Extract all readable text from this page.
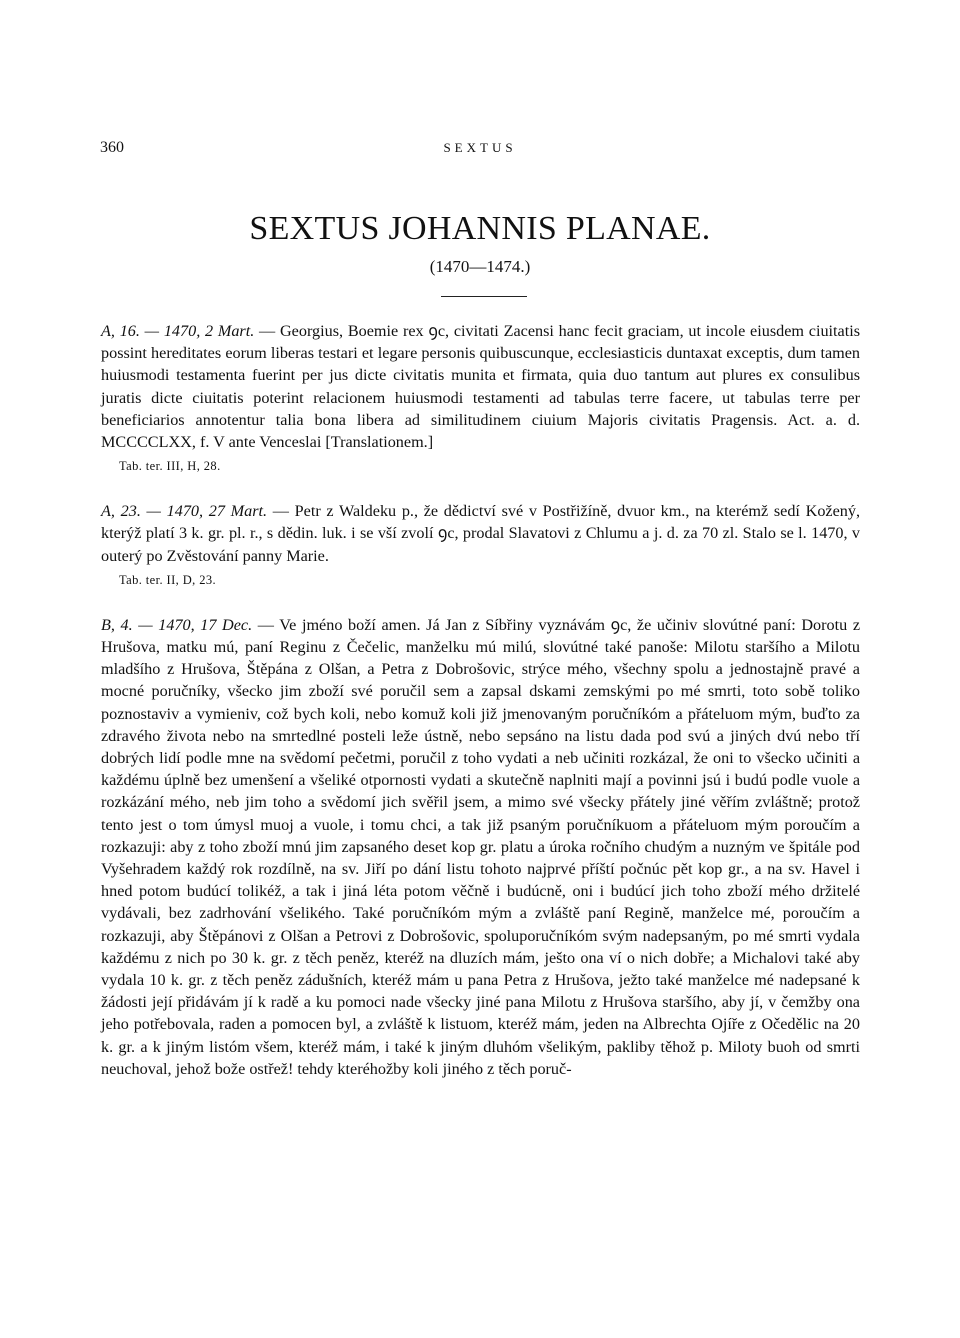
360	SEXTUS
SEXTUS JOHANNIS PLANAE.
(1470—1474.)

A, 16. — 1470, 2 Mart. — Georgius, Boemie rex ꝯc, civitati Zacensi hanc fecit graciam, ut incole eiusdem ciuitatis possint hereditates eorum liberas testari et legare personis quibuscunque, ecclesiasticis duntaxat exceptis, dum tamen huiusmodi testamenta fuerint per jus dicte civitatis munita et firmata, quia duo tantum aut plures ex consulibus juratis dicte ciuitatis poterint relacionem huiusmodi testamenti ad tabulas terre facere, ut tabulas terre per beneficiarios annotentur talia bona libera ad similitudinem ciuium Majoris civitatis Pragensis. Act. a. d. MCCCCLXX, f. V ante Venceslai [Translationem.]

Tab. ter. III, H, 28.

A, 23. — 1470, 27 Mart. — Petr z Waldeku p., že dědictví své v Postřižíně, dvuor km., na kterémž sedí Kožený, kterýž platí 3 k. gr. pl. r., s dědin. luk. i se vší zvolí ꝯc, prodal Slavatovi z Chlumu a j. d. za 70 zl. Stalo se l. 1470, v outerý po Zvěstování panny Marie.

Tab. ter. II, D, 23.

B, 4. — 1470, 17 Dec. — Ve jméno boží amen. Já Jan z Síbřiny vyznávám ꝯc, že učiniv slovútné paní: Dorotu z Hrušova, matku mú, paní Reginu z Čečelic, manželku mú milú, slovútné také panoše: Milotu staršího a Milotu mladšího z Hrušova, Štěpána z Olšan, a Petra z Dobrošovic, strýce mého, všechny spolu a jednostajně pravé a mocné poručníky, všecko jim zboží své poručil sem a zapsal dskami zemskými po mé smrti, toto sobě toliko poznostaviv a vymieniv, což bych koli, nebo komuž koli již jmenovaným poručníkóm a přáteluom mým, buďto za zdravého života nebo na smrtedlné posteli leže ústně, nebo sepsáno na listu dada pod svú a jiných dvú nebo tří dobrých lidí podle mne na svědomí pečetmi, poručil z toho vydati a neb učiniti rozkázal, že oni to všecko učiniti a každému úplně bez umenšení a všeliké otpornosti vydati a skutečně naplniti mají a povinni jsú i budú podle vuole a rozkázání mého, neb jim toho a svědomí jich svěřil jsem, a mimo své všecky přátely jiné věřím zvláštně; protož tento jest o tom úmysl muoj a vuole, i tomu chci, a tak již psaným poručníkuom a přáteluom mým poroučím a rozkazuji: aby z toho zboží mnú jim zapsaného deset kop gr. platu a úroka ročního chudým a nuzným ve špitále pod Vyšehradem každý rok rozdílně, na sv. Jiří po dání listu tohoto najprvé příští počnúc pět kop gr., a na sv. Havel i hned potom budúcí tolikéž, a tak i jiná léta potom věčně i budúcně, oni i budúcí jich toho zboží mého držitelé vydávali, bez zadrhování všelikého. Také poručníkóm mým a zvláště paní Regině, manželce mé, poroučím a rozkazuji, aby Štěpánovi z Olšan a Petrovi z Dobrošovic, spoluporučníkóm svým nadepsaným, po mé smrti vydala každému z nich po 30 k. gr. z těch peněz, kteréž na dluzích mám, ješto ona ví o nich dobře; a Michalovi také aby vydala 10 k. gr. z těch peněz zádušních, kteréž mám u pana Petra z Hrušova, ježto také manželce mé nadepsané k žádosti její přidávám jí k radě a ku pomoci nade všecky jiné pana Milotu z Hrušova staršího, aby jí, v čemžby ona jeho potřebovala, raden a pomocen byl, a zvláště k listuom, kteréž mám, jeden na Albrechta Ojíře z Očedělic na 20 k. gr. a k jiným listóm všem, kteréž mám, i také k jiným dluhóm všelikým, pakliby těhož p. Miloty buoh od smrti neuchoval, jehož bože ostřež! tehdy kteréhožby koli jiného z těch poruč-
